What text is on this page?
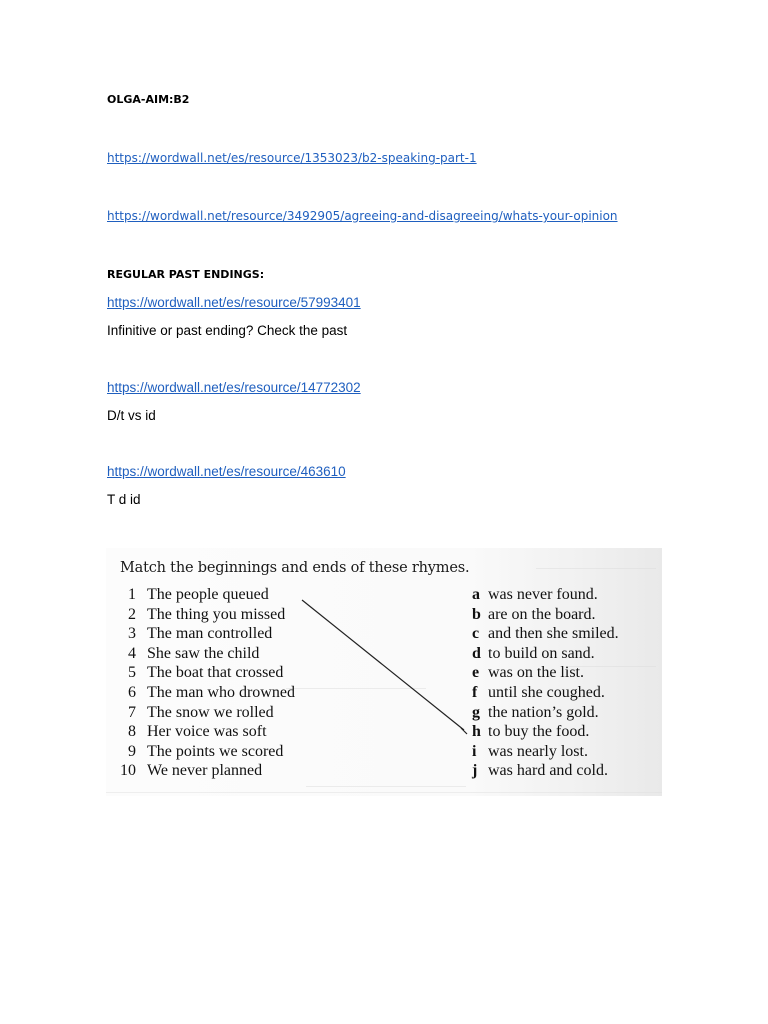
OLGA-AIM:B2
https://wordwall.net/es/resource/1353023/b2-speaking-part-1
https://wordwall.net/resource/3492905/agreeing-and-disagreeing/whats-your-opinion
REGULAR PAST ENDINGS:
https://wordwall.net/es/resource/57993401
Infinitive or past ending? Check the past
https://wordwall.net/es/resource/14772302
D/t vs id
https://wordwall.net/es/resource/463610
T d id
Match the beginnings and ends of these rhymes.
1 The people queued	a was never found.
2 The thing you missed	b are on the board.
3 The man controlled	c and then she smiled.
4 She saw the child	d to build on sand.
5 The boat that crossed	e was on the list.
6 The man who drowned	f until she coughed.
7 The snow we rolled	g the nation’s gold.
8 Her voice was soft	h to buy the food.
9 The points we scored	i was nearly lost.
10 We never planned	j was hard and cold.
